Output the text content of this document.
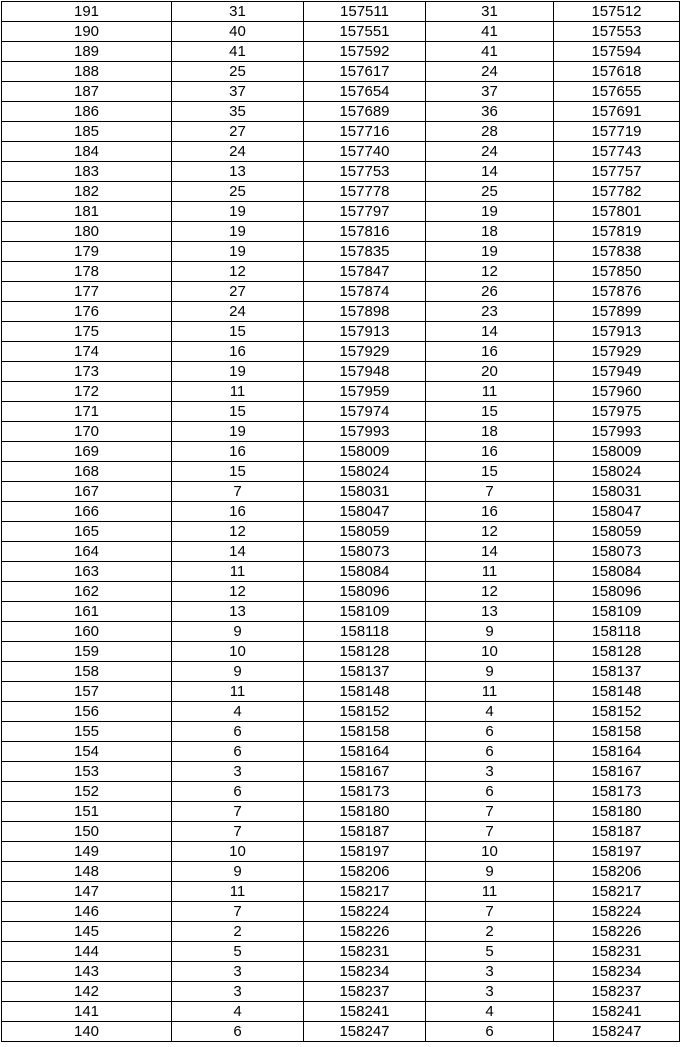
191	31	157511	31	157512
190	40	157551	41	157553
189	41	157592	41	157594
188	25	157617	24	157618
187	37	157654	37	157655
186	35	157689	36	157691
185	27	157716	28	157719
184	24	157740	24	157743
183	13	157753	14	157757
182	25	157778	25	157782
181	19	157797	19	157801
180	19	157816	18	157819
179	19	157835	19	157838
178	12	157847	12	157850
177	27	157874	26	157876
176	24	157898	23	157899
175	15	157913	14	157913
174	16	157929	16	157929
173	19	157948	20	157949
172	11	157959	11	157960
171	15	157974	15	157975
170	19	157993	18	157993
169	16	158009	16	158009
168	15	158024	15	158024
167	7	158031	7	158031
166	16	158047	16	158047
165	12	158059	12	158059
164	14	158073	14	158073
163	11	158084	11	158084
162	12	158096	12	158096
161	13	158109	13	158109
160	9	158118	9	158118
159	10	158128	10	158128
158	9	158137	9	158137
157	11	158148	11	158148
156	4	158152	4	158152
155	6	158158	6	158158
154	6	158164	6	158164
153	3	158167	3	158167
152	6	158173	6	158173
151	7	158180	7	158180
150	7	158187	7	158187
149	10	158197	10	158197
148	9	158206	9	158206
147	11	158217	11	158217
146	7	158224	7	158224
145	2	158226	2	158226
144	5	158231	5	158231
143	3	158234	3	158234
142	3	158237	3	158237
141	4	158241	4	158241
140	6	158247	6	158247
